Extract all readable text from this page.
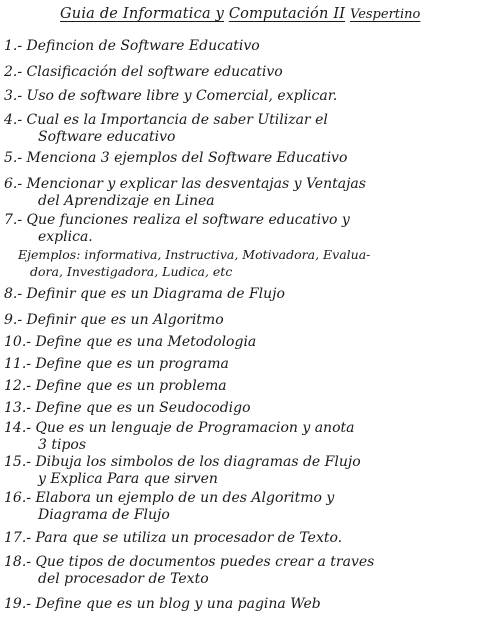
Guia de Informatica y Computación II Vespertino
1.- Defincion de Software Educativo
2.- Clasificación del software educativo
3.- Uso de software libre y Comercial, explicar.
4.- Cual es la Importancia de saber Utilizar el
Software educativo
5.- Menciona 3 ejemplos del Software Educativo
6.- Mencionar y explicar las desventajas y Ventajas
del Aprendizaje en Linea
7.- Que funciones realiza el software educativo y
explica.
Ejemplos: informativa, Instructiva, Motivadora, Evalua-
dora, Investigadora, Ludica, etc
8.- Definir que es un Diagrama de Flujo
9.- Definir que es un Algoritmo
10.- Define que es una Metodologia
11.- Define que es un programa
12.- Define que es un problema
13.- Define que es un Seudocodigo
14.- Que es un lenguaje de Programacion y anota
3 tipos
15.- Dibuja los simbolos de los diagramas de Flujo
y Explica Para que sirven
16.- Elabora un ejemplo de un des Algoritmo y
Diagrama de Flujo
17.- Para que se utiliza un procesador de Texto.
18.- Que tipos de documentos puedes crear a traves
del procesador de Texto
19.- Define que es un blog y una pagina Web
